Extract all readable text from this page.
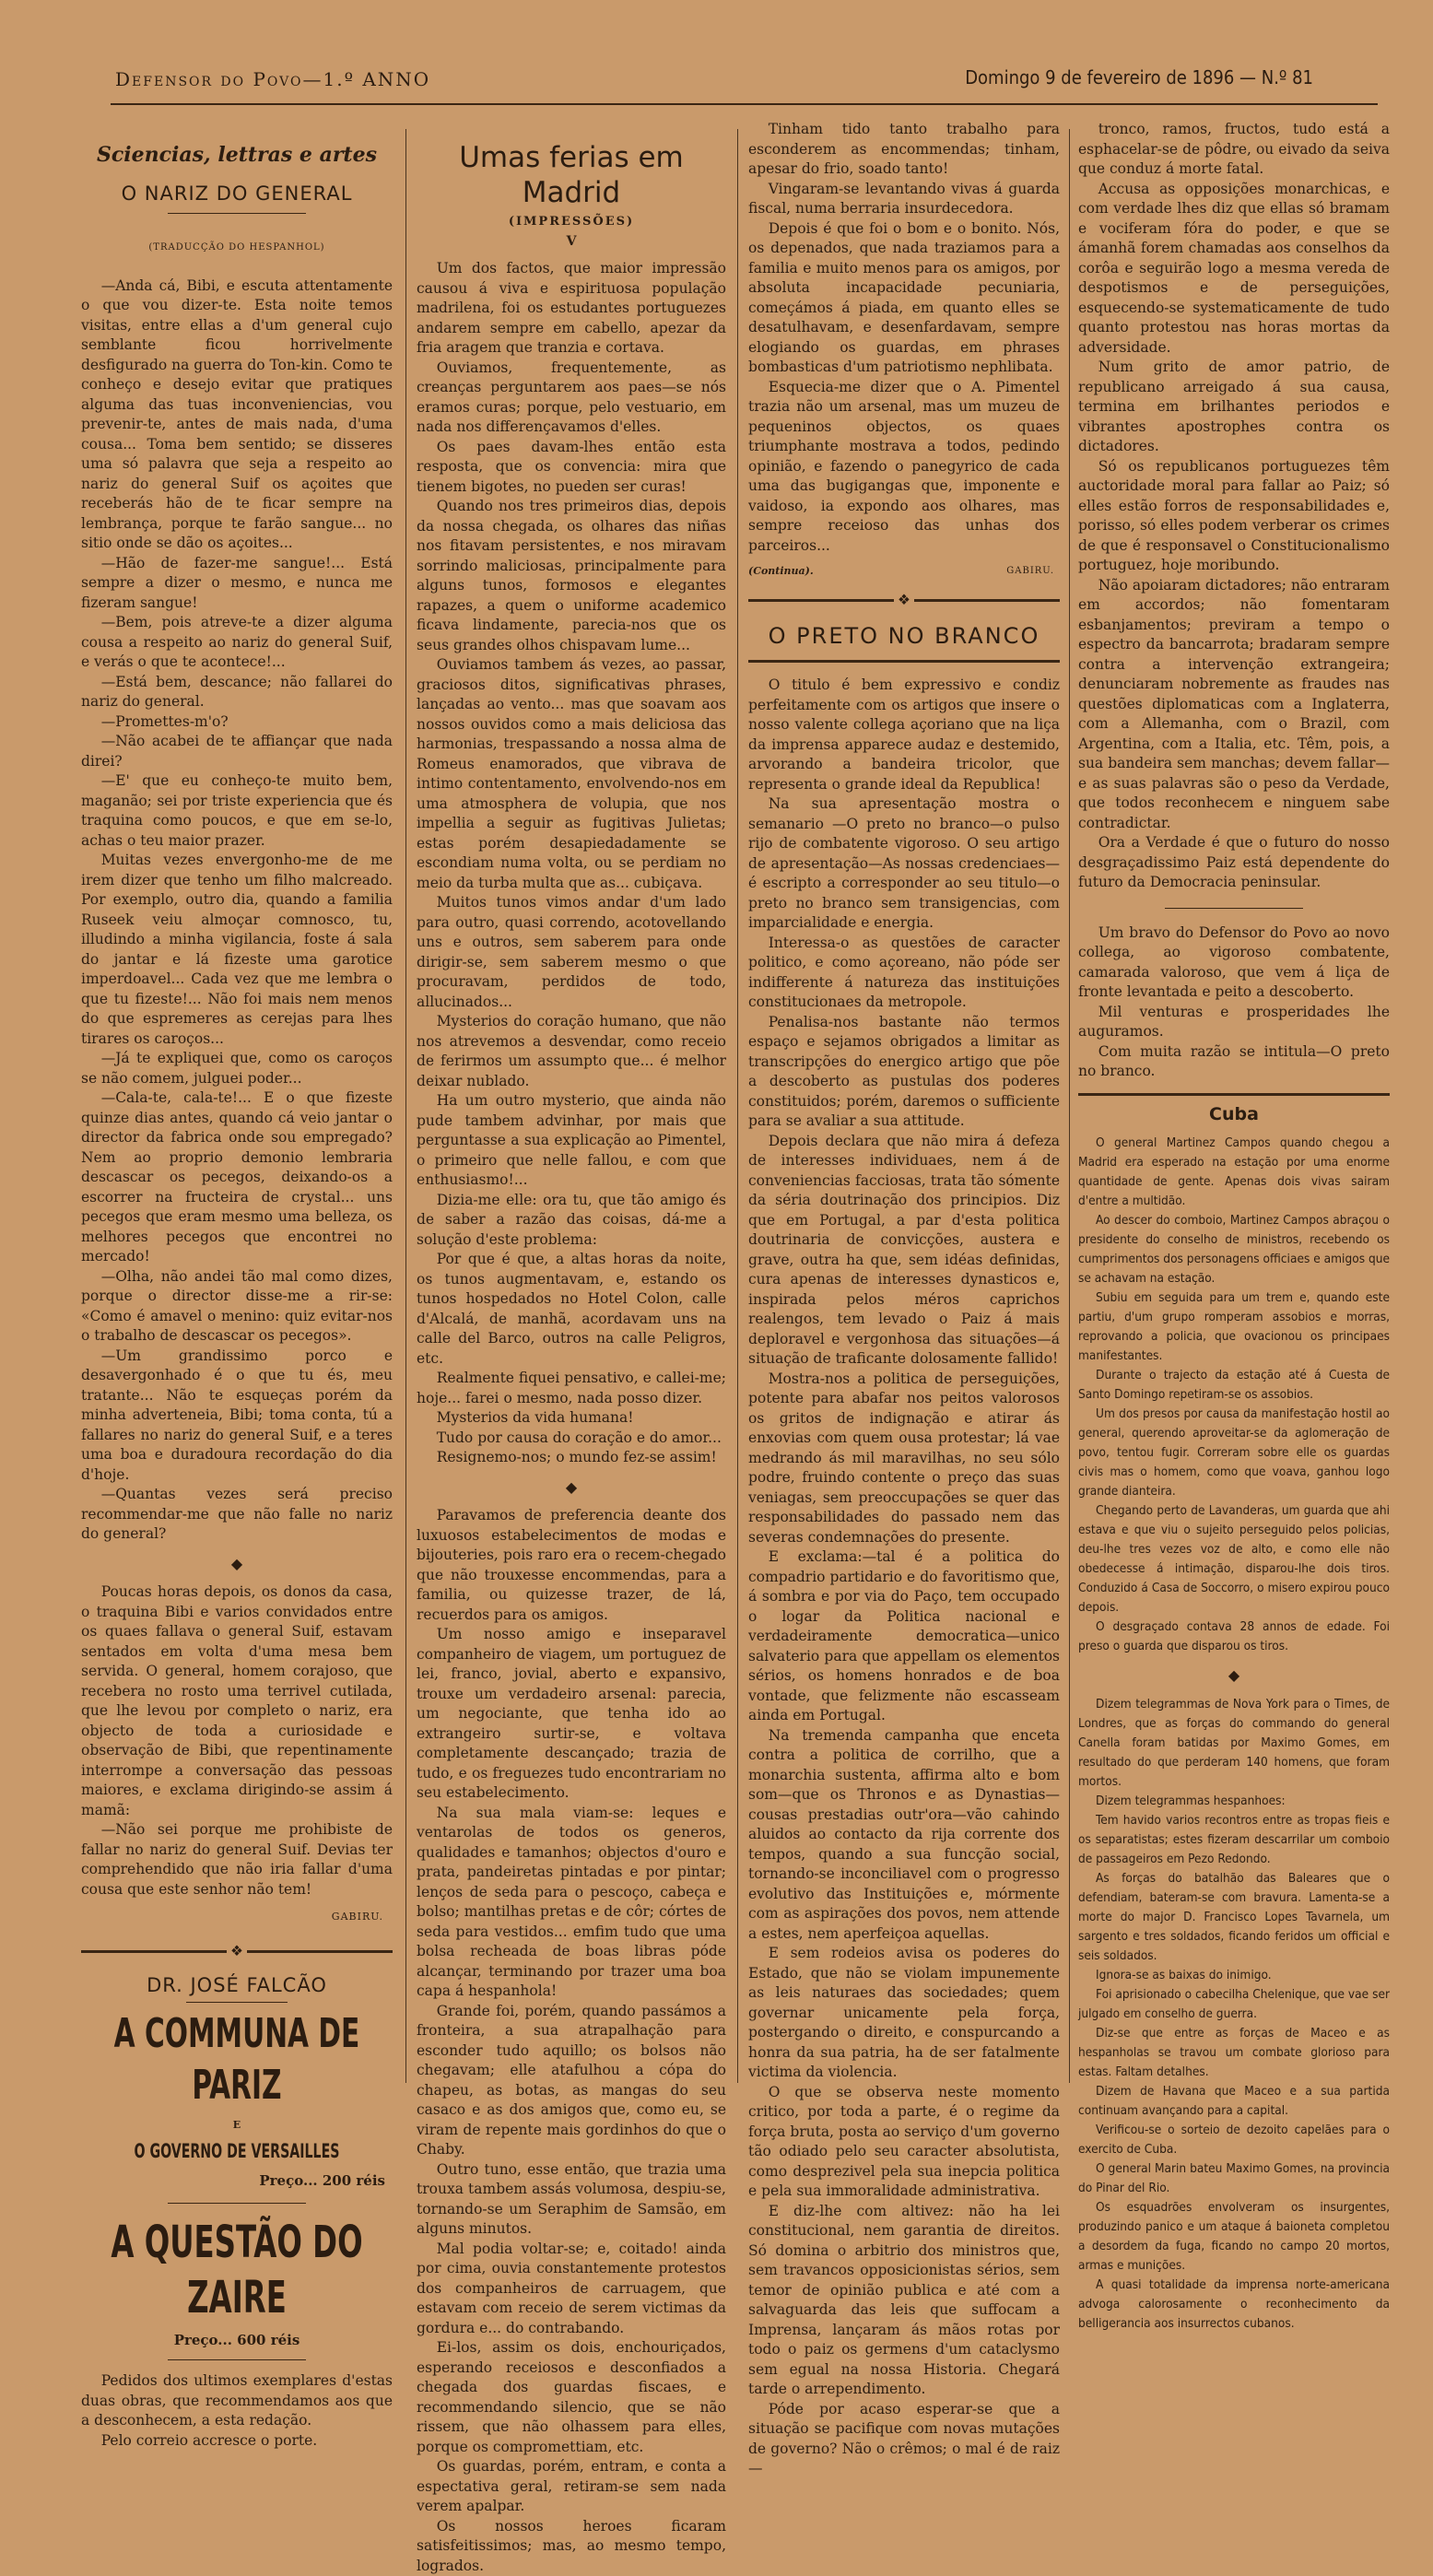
Defensor do Povo—1.º ANNO	Domingo 9 de fevereiro de 1896 — N.º 81
Sciencias, lettras e artes
O NARIZ DO GENERAL
(TRADUCÇÃO DO HESPANHOL)

—Anda cá, Bibi, e escuta attentamente o que vou dizer-te. Esta noite temos visitas, entre ellas a d'um general cujo semblante ficou horrivelmente desfigurado na guerra do Ton-kin. Como te conheço e desejo evitar que pratiques alguma das tuas inconveniencias, vou prevenir-te, antes de mais nada, d'uma cousa... Toma bem sentido; se disseres uma só palavra que seja a respeito ao nariz do general Suif os açoites que receberás hão de te ficar sempre na lembrança, porque te farão sangue... no sitio onde se dão os açoites...

—Hão de fazer-me sangue!... Está sempre a dizer o mesmo, e nunca me fizeram sangue!

—Bem, pois atreve-te a dizer alguma cousa a respeito ao nariz do general Suif, e verás o que te acontece!...

—Está bem, descance; não fallarei do nariz do general.

—Promettes-m'o?

—Não acabei de te affiançar que nada direi?

—E' que eu conheço-te muito bem, maganão; sei por triste experiencia que és traquina como poucos, e que em se-lo, achas o teu maior prazer.

Muitas vezes envergonho-me de me irem dizer que tenho um filho malcreado. Por exemplo, outro dia, quando a familia Ruseek veiu almoçar comnosco, tu, illudindo a minha vigilancia, foste á sala do jantar e lá fizeste uma garotice imperdoavel... Cada vez que me lembra o que tu fizeste!... Não foi mais nem menos do que espremeres as cerejas para lhes tirares os caroços...

—Já te expliquei que, como os caroços se não comem, julguei poder...

—Cala-te, cala-te!... E o que fizeste quinze dias antes, quando cá veio jantar o director da fabrica onde sou empregado? Nem ao proprio demonio lembraria descascar os pecegos, deixando-os a escorrer na fructeira de crystal... uns pecegos que eram mesmo uma belleza, os melhores pecegos que encontrei no mercado!

—Olha, não andei tão mal como dizes, porque o director disse-me a rir-se: «Como é amavel o menino: quiz evitar-nos o trabalho de descascar os pecegos».

—Um grandissimo porco e desavergonhado é o que tu és, meu tratante... Não te esqueças porém da minha adverteneia, Bibi; toma conta, tú a fallares no nariz do general Suif, e a teres uma boa e duradoura recordação do dia d'hoje.

—Quantas vezes será preciso recommendar-me que não falle no nariz do general?

◆

Poucas horas depois, os donos da casa, o traquina Bibi e varios convidados entre os quaes fallava o general Suif, estavam sentados em volta d'uma mesa bem servida. O general, homem corajoso, que recebera no rosto uma terrivel cutilada, que lhe levou por completo o nariz, era objecto de toda a curiosidade e observação de Bibi, que repentinamente interrompe a conversação das pessoas maiores, e exclama dirigindo-se assim á mamã:

—Não sei porque me prohibiste de fallar no nariz do general Suif. Devias ter comprehendido que não iria fallar d'uma cousa que este senhor não tem!

GABIRU.
❖
DR. JOSÉ FALCÃO
A COMMUNA DE PARIZ
E
O GOVERNO DE VERSAILLES
Preço... 200 réis
A QUESTÃO DO ZAIRE
Preço... 600 réis

Pedidos dos ultimos exemplares d'estas duas obras, que recommendamos aos que a desconhecem, a esta redação.

Pelo correio accresce o porte.

Umas ferias em Madrid
(IMPRESSÕES)
V

Um dos factos, que maior impressão causou á viva e espirituosa população madrilena, foi os estudantes portuguezes andarem sempre em cabello, apezar da fria aragem que tranzia e cortava.

Ouviamos, frequentemente, as creanças perguntarem aos paes—se nós eramos curas; porque, pelo vestuario, em nada nos differençavamos d'elles.

Os paes davam-lhes então esta resposta, que os convencia: mira que tienem bigotes, no pueden ser curas!

Quando nos tres primeiros dias, depois da nossa chegada, os olhares das niñas nos fitavam persistentes, e nos miravam sorrindo maliciosas, principalmente para alguns tunos, formosos e elegantes rapazes, a quem o uniforme academico ficava lindamente, parecia-nos que os seus grandes olhos chispavam lume...

Ouviamos tambem ás vezes, ao passar, graciosos ditos, significativas phrases, lançadas ao vento... mas que soavam aos nossos ouvidos como a mais deliciosa das harmonias, trespassando a nossa alma de Romeus enamorados, que vibrava de intimo contentamento, envolvendo-nos em uma atmosphera de volupia, que nos impellia a seguir as fugitivas Julietas; estas porém desapiedadamente se escondiam numa volta, ou se perdiam no meio da turba multa que as... cubiçava.

Muitos tunos vimos andar d'um lado para outro, quasi correndo, acotovellando uns e outros, sem saberem para onde dirigir-se, sem saberem mesmo o que procuravam, perdidos de todo, allucinados...

Mysterios do coração humano, que não nos atrevemos a desvendar, como receio de ferirmos um assumpto que... é melhor deixar nublado.

Ha um outro mysterio, que ainda não pude tambem advinhar, por mais que perguntasse a sua explicação ao Pimentel, o primeiro que nelle fallou, e com que enthusiasmo!...

Dizia-me elle: ora tu, que tão amigo és de saber a razão das coisas, dá-me a solução d'este problema:

Por que é que, a altas horas da noite, os tunos augmentavam, e, estando os tunos hospedados no Hotel Colon, calle d'Alcalá, de manhã, acordavam uns na calle del Barco, outros na calle Peligros, etc.

Realmente fiquei pensativo, e callei-me; hoje... farei o mesmo, nada posso dizer.

Mysterios da vida humana!

Tudo por causa do coração e do amor...

Resignemo-nos; o mundo fez-se assim!

◆

Paravamos de preferencia deante dos luxuosos estabelecimentos de modas e bijouteries, pois raro era o recem-chegado que não trouxesse encommendas, para a familia, ou quizesse trazer, de lá, recuerdos para os amigos.

Um nosso amigo e inseparavel companheiro de viagem, um portuguez de lei, franco, jovial, aberto e expansivo, trouxe um verdadeiro arsenal: parecia, um negociante, que tenha ido ao extrangeiro surtir-se, e voltava completamente descançado; trazia de tudo, e os freguezes tudo encontrariam no seu estabelecimento.

Na sua mala viam-se: leques e ventarolas de todos os generos, qualidades e tamanhos; objectos d'ouro e prata, pandeiretas pintadas e por pintar; lenços de seda para o pescoço, cabeça e bolso; mantilhas pretas e de côr; córtes de seda para vestidos... emfim tudo que uma bolsa recheada de boas libras póde alcançar, terminando por trazer uma boa capa á hespanhola!

Grande foi, porém, quando passámos a fronteira, a sua atrapalhação para esconder tudo aquillo; os bolsos não chegavam; elle atafulhou a cópa do chapeu, as botas, as mangas do seu casaco e as dos amigos que, como eu, se viram de repente mais gordinhos do que o Chaby.

Outro tuno, esse então, que trazia uma trouxa tambem assás volumosa, despiu-se, tornando-se um Seraphim de Samsão, em alguns minutos.

Mal podia voltar-se; e, coitado! ainda por cima, ouvia constantemente protestos dos companheiros de carruagem, que estavam com receio de serem victimas da gordura e... do contrabando.

Ei-los, assim os dois, enchouriçados, esperando receiosos e desconfiados a chegada dos guardas fiscaes, e recommendando silencio, que se não rissem, que não olhassem para elles, porque os compromettiam, etc.

Os guardas, porém, entram, e conta a espectativa geral, retiram-se sem nada verem apalpar.

Os nossos heroes ficaram satisfeitissimos; mas, ao mesmo tempo, logrados.

Tinham tido tanto trabalho para esconderem as encommendas; tinham, apesar do frio, soado tanto!

Vingaram-se levantando vivas á guarda fiscal, numa berraria insurdecedora.

Depois é que foi o bom e o bonito. Nós, os depenados, que nada traziamos para a familia e muito menos para os amigos, por absoluta incapacidade pecuniaria, começámos á piada, em quanto elles se desatulhavam, e desenfardavam, sempre elogiando os guardas, em phrases bombasticas d'um patriotismo nephlibata.

Esquecia-me dizer que o A. Pimentel trazia não um arsenal, mas um muzeu de pequeninos objectos, os quaes triumphante mostrava a todos, pedindo opinião, e fazendo o panegyrico de cada uma das bugigangas que, imponente e vaidoso, ia expondo aos olhares, mas sempre receioso das unhas dos parceiros...

(Continua).	GABIRU.
❖
O PRETO NO BRANCO

O titulo é bem expressivo e condiz perfeitamente com os artigos que insere o nosso valente collega açoriano que na liça da imprensa apparece audaz e destemido, arvorando a bandeira tricolor, que representa o grande ideal da Republica!

Na sua apresentação mostra o semanario —O preto no branco—o pulso rijo de combatente vigoroso. O seu artigo de apresentação—As nossas credenciaes—é escripto a corresponder ao seu titulo—o preto no branco sem transigencias, com imparcialidade e energia.

Interessa-o as questões de caracter politico, e como açoreano, não póde ser indifferente á natureza das instituições constitucionaes da metropole.

Penalisa-nos bastante não termos espaço e sejamos obrigados a limitar as transcripções do energico artigo que põe a descoberto as pustulas dos poderes constituidos; porém, daremos o sufficiente para se avaliar a sua attitude.

Depois declara que não mira á defeza de interesses individuaes, nem á de conveniencias facciosas, trata tão sómente da séria doutrinação dos principios. Diz que em Portugal, a par d'esta politica doutrinaria de convicções, austera e grave, outra ha que, sem idéas definidas, cura apenas de interesses dynasticos e, inspirada pelos méros caprichos realengos, tem levado o Paiz á mais deploravel e vergonhosa das situações—á situação de traficante dolosamente fallido!

Mostra-nos a politica de perseguições, potente para abafar nos peitos valorosos os gritos de indignação e atirar ás enxovias com quem ousa protestar; lá vae medrando ás mil maravilhas, no seu sólo podre, fruindo contente o preço das suas veniagas, sem preoccupações se quer das responsabilidades do passado nem das severas condemnações do presente.

E exclama:—tal é a politica do compadrio partidario e do favoritismo que, á sombra e por via do Paço, tem occupado o logar da Politica nacional e verdadeiramente democratica—unico salvaterio para que appellam os elementos sérios, os homens honrados e de boa vontade, que felizmente não escasseam ainda em Portugal.

Na tremenda campanha que enceta contra a politica de corrilho, que a monarchia sustenta, affirma alto e bom som—que os Thronos e as Dynastias—cousas prestadias outr'ora—vão cahindo aluidos ao contacto da rija corrente dos tempos, quando a sua funcção social, tornando-se inconciliavel com o progresso evolutivo das Instituições e, mórmente com as aspirações dos povos, nem attende a estes, nem aperfeiçoa aquellas.

E sem rodeios avisa os poderes do Estado, que não se violam impunemente as leis naturaes das sociedades; quem governar unicamente pela força, postergando o direito, e conspurcando a honra da sua patria, ha de ser fatalmente victima da violencia.

O que se observa neste momento critico, por toda a parte, é o regime da força bruta, posta ao serviço d'um governo tão odiado pelo seu caracter absolutista, como desprezivel pela sua inepcia politica e pela sua immoralidade administrativa.

E diz-lhe com altivez: não ha lei constitucional, nem garantia de direitos. Só domina o arbitrio dos ministros que, sem travancos opposicionistas sérios, sem temor de opinião publica e até com a salvaguarda das leis que suffocam a Imprensa, lançaram ás mãos rotas por todo o paiz os germens d'um cataclysmo sem egual na nossa Historia. Chegará tarde o arrependimento.

Póde por acaso esperar-se que a situação se pacifique com novas mutações de governo? Não o crêmos; o mal é de raiz—

tronco, ramos, fructos, tudo está a esphacelar-se de pôdre, ou eivado da seiva que conduz á morte fatal.

Accusa as opposições monarchicas, e com verdade lhes diz que ellas só bramam e vociferam fóra do poder, e que se ámanhã forem chamadas aos conselhos da corôa e seguirão logo a mesma vereda de despotismos e de perseguições, esquecendo-se systematicamente de tudo quanto protestou nas horas mortas da adversidade.

Num grito de amor patrio, de republicano arreigado á sua causa, termina em brilhantes periodos e vibrantes apostrophes contra os dictadores.

Só os republicanos portuguezes têm auctoridade moral para fallar ao Paiz; só elles estão forros de responsabilidades e, porisso, só elles podem verberar os crimes de que é responsavel o Constitucionalismo portuguez, hoje moribundo.

Não apoiaram dictadores; não entraram em accordos; não fomentaram esbanjamentos; previram a tempo o espectro da bancarrota; bradaram sempre contra a intervenção extrangeira; denunciaram nobremente as fraudes nas questões diplomaticas com a Inglaterra, com a Allemanha, com o Brazil, com Argentina, com a Italia, etc. Têm, pois, a sua bandeira sem manchas; devem fallar—e as suas palavras são o peso da Verdade, que todos reconhecem e ninguem sabe contradictar.

Ora a Verdade é que o futuro do nosso desgraçadissimo Paiz está dependente do futuro da Democracia peninsular.

Um bravo do Defensor do Povo ao novo collega, ao vigoroso combatente, camarada valoroso, que vem á liça de fronte levantada e peito a descoberto.

Mil venturas e prosperidades lhe auguramos.

Com muita razão se intitula—O preto no branco.

Cuba

O general Martinez Campos quando chegou a Madrid era esperado na estação por uma enorme quantidade de gente. Apenas dois vivas sairam d'entre a multidão.

Ao descer do comboio, Martinez Campos abraçou o presidente do conselho de ministros, recebendo os cumprimentos dos personagens officiaes e amigos que se achavam na estação.

Subiu em seguida para um trem e, quando este partiu, d'um grupo romperam assobios e morras, reprovando a policia, que ovacionou os principaes manifestantes.

Durante o trajecto da estação até á Cuesta de Santo Domingo repetiram-se os assobios.

Um dos presos por causa da manifestação hostil ao general, querendo aproveitar-se da aglomeração de povo, tentou fugir. Correram sobre elle os guardas civis mas o homem, como que voava, ganhou logo grande dianteira.

Chegando perto de Lavanderas, um guarda que ahi estava e que viu o sujeito perseguido pelos policias, deu-lhe tres vezes voz de alto, e como elle não obedecesse á intimação, disparou-lhe dois tiros. Conduzido á Casa de Soccorro, o misero expirou pouco depois.

O desgraçado contava 28 annos de edade. Foi preso o guarda que disparou os tiros.

◆

Dizem telegrammas de Nova York para o Times, de Londres, que as forças do commando do general Canella foram batidas por Maximo Gomes, em resultado do que perderam 140 homens, que foram mortos.

Dizem telegrammas hespanhoes:

Tem havido varios recontros entre as tropas fieis e os separatistas; estes fizeram descarrilar um comboio de passageiros em Pezo Redondo.

As forças do batalhão das Baleares que o defendiam, bateram-se com bravura. Lamenta-se a morte do major D. Francisco Lopes Tavarnela, um sargento e tres soldados, ficando feridos um official e seis soldados.

Ignora-se as baixas do inimigo.

Foi aprisionado o cabecilha Chelenique, que vae ser julgado em conselho de guerra.

Diz-se que entre as forças de Maceo e as hespanholas se travou um combate glorioso para estas. Faltam detalhes.

Dizem de Havana que Maceo e a sua partida continuam avançando para a capital.

Verificou-se o sorteio de dezoito capelães para o exercito de Cuba.

O general Marin bateu Maximo Gomes, na provincia do Pinar del Rio.

Os esquadrões envolveram os insurgentes, produzindo panico e um ataque á baioneta completou a desordem da fuga, ficando no campo 20 mortos, armas e munições.

A quasi totalidade da imprensa norte-americana advoga calorosamente o reconhecimento da belligerancia aos insurrectos cubanos.
